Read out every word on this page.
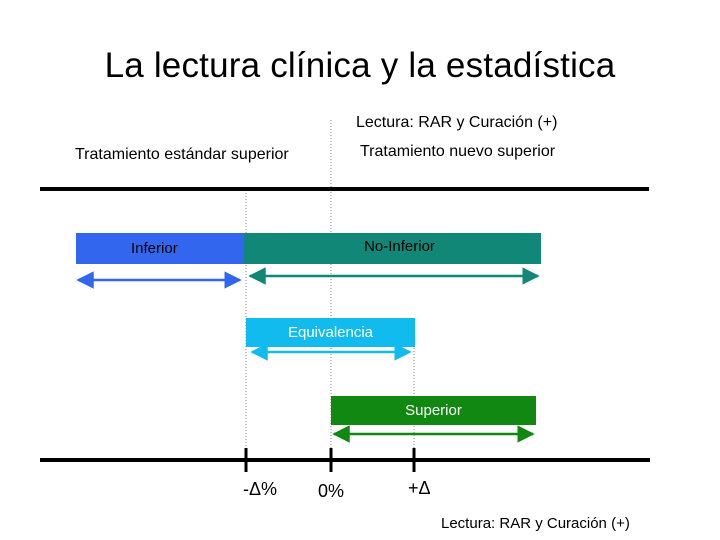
La lectura clínica y la estadística
Lectura: RAR y Curación (+)
Tratamiento estándar superior	Tratamiento nuevo superior
Inferior	No-Inferior
Equivalencia
Superior
-Δ% 0%	+Δ
Lectura: RAR y Curación (+)
